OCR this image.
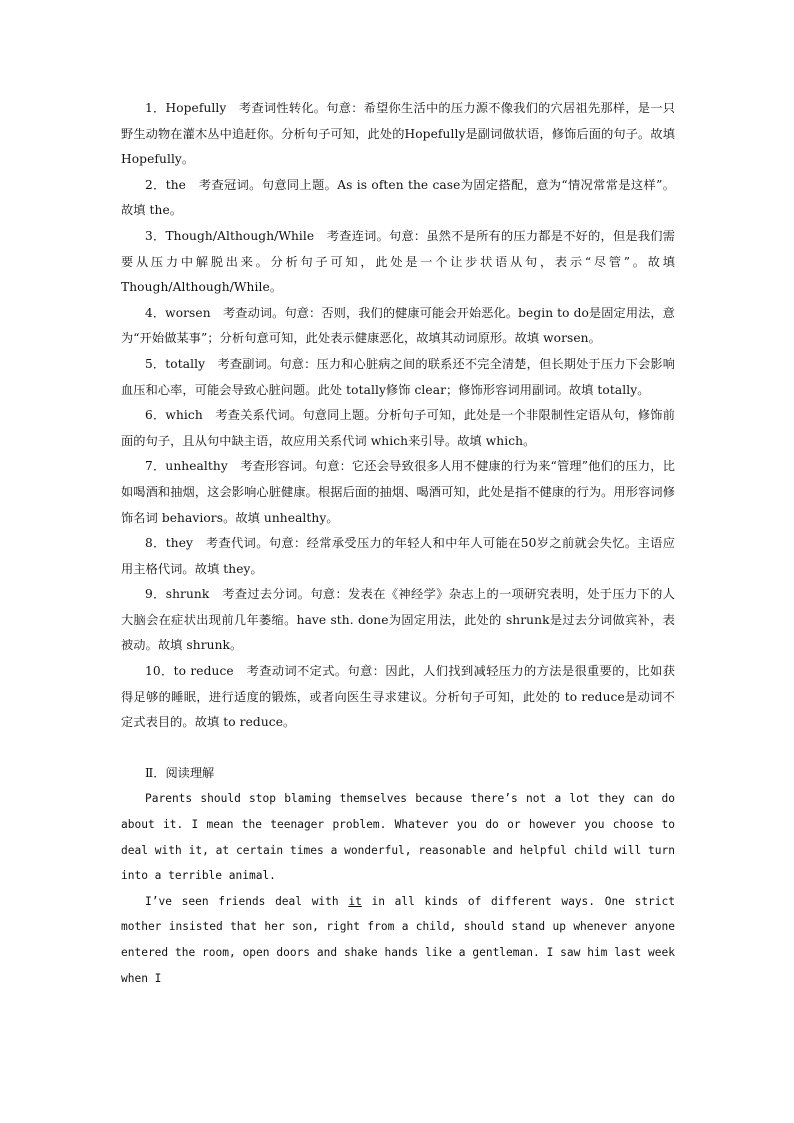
1．Hopefully　考查词性转化。句意：希望你生活中的压力源不像我们的穴居祖先那样，是一只野生动物在灌木丛中追赶你。分析句子可知，此处的Hopefully是副词做状语，修饰后面的句子。故填 Hopefully。

2．the　考查冠词。句意同上题。As is often the case为固定搭配，意为“情况常常是这样”。故填 the。

3．Though/Although/While　考查连词。句意：虽然不是所有的压力都是不好的，但是我们需要从压力中解脱出来。分析句子可知，此处是一个让步状语从句，表示“尽管”。故填 Though/Although/While。

4．worsen　考查动词。句意：否则，我们的健康可能会开始恶化。begin to do是固定用法，意为“开始做某事”；分析句意可知，此处表示健康恶化，故填其动词原形。故填 worsen。

5．totally　考查副词。句意：压力和心脏病之间的联系还不完全清楚，但长期处于压力下会影响血压和心率，可能会导致心脏问题。此处 totally修饰 clear；修饰形容词用副词。故填 totally。

6．which　考查关系代词。句意同上题。分析句子可知，此处是一个非限制性定语从句，修饰前面的句子，且从句中缺主语，故应用关系代词 which来引导。故填 which。

7．unhealthy　考查形容词。句意：它还会导致很多人用不健康的行为来“管理”他们的压力，比如喝酒和抽烟，这会影响心脏健康。根据后面的抽烟、喝酒可知，此处是指不健康的行为。用形容词修饰名词 behaviors。故填 unhealthy。

8．they　考查代词。句意：经常承受压力的年轻人和中年人可能在50岁之前就会失忆。主语应用主格代词。故填 they。

9．shrunk　考查过去分词。句意：发表在《神经学》杂志上的一项研究表明，处于压力下的人大脑会在症状出现前几年萎缩。have sth. done为固定用法，此处的 shrunk是过去分词做宾补，表被动。故填 shrunk。

10．to reduce　考查动词不定式。句意：因此，人们找到减轻压力的方法是很重要的，比如获得足够的睡眠，进行适度的锻炼，或者向医生寻求建议。分析句子可知，此处的 to reduce是动词不定式表目的。故填 to reduce。

Ⅱ．阅读理解

Parents should stop blaming themselves because there’s not a lot they can do about it. I mean the teenager problem. Whatever you do or however you choose to deal with it, at certain times a wonderful, reasonable and helpful child will turn into a terrible animal.

I’ve seen friends deal with it in all kinds of different ways. One strict mother insisted that her son, right from a child, should stand up whenever anyone entered the room, open doors and shake hands like a gentleman. I saw him last week when I
